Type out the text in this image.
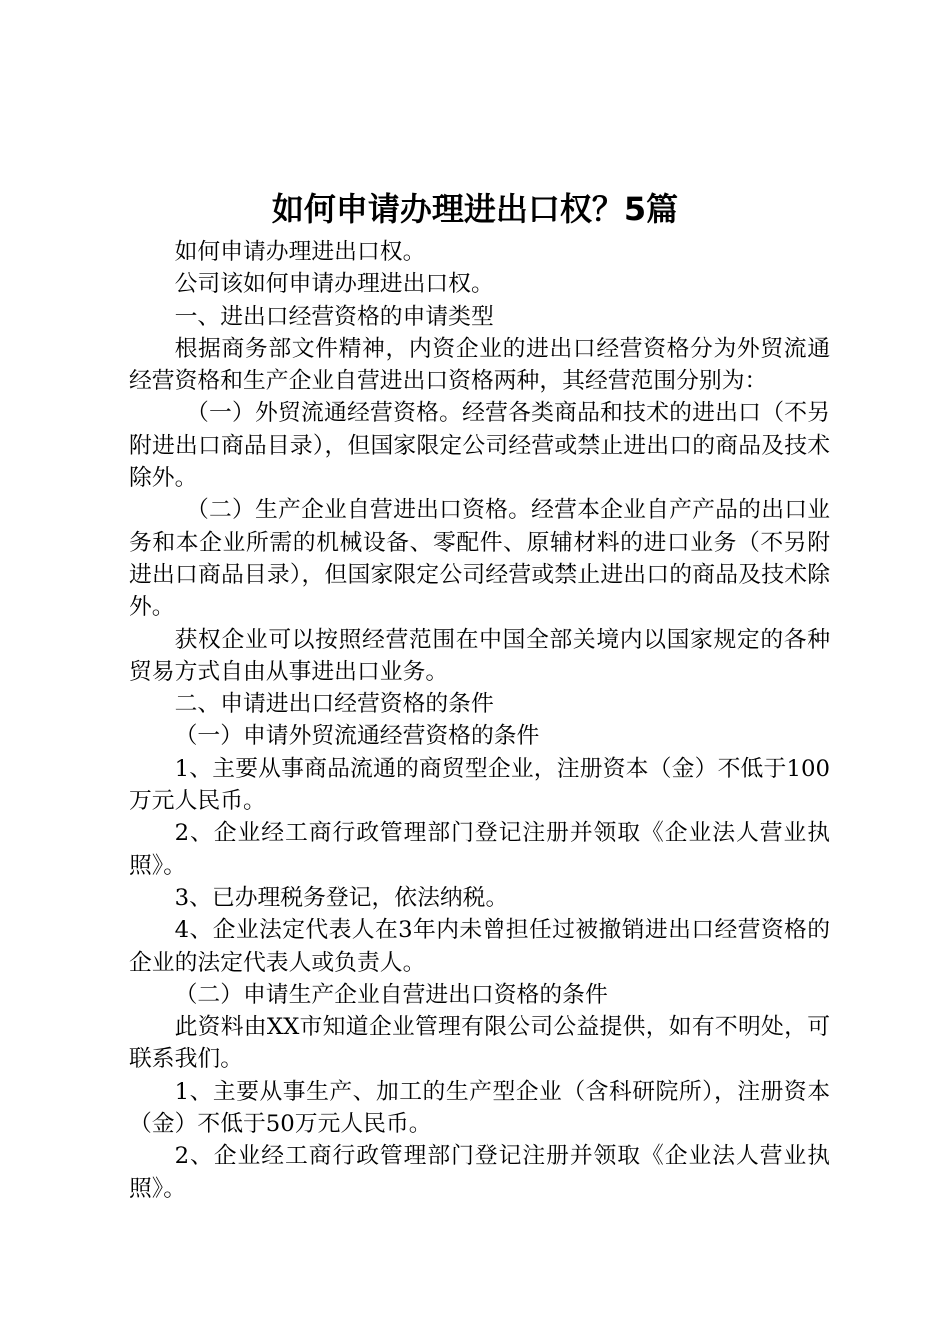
如何申请办理进出口权？5篇

如何申请办理进出口权。

公司该如何申请办理进出口权。

一、进出口经营资格的申请类型

根据商务部文件精神，内资企业的进出口经营资格分为外贸流通经营资格和生产企业自营进出口资格两种，其经营范围分别为：

（一）外贸流通经营资格。经营各类商品和技术的进出口（不另附进出口商品目录），但国家限定公司经营或禁止进出口的商品及技术除外。

（二）生产企业自营进出口资格。经营本企业自产产品的出口业务和本企业所需的机械设备、零配件、原辅材料的进口业务（不另附进出口商品目录），但国家限定公司经营或禁止进出口的商品及技术除外。

获权企业可以按照经营范围在中国全部关境内以国家规定的各种贸易方式自由从事进出口业务。

二、申请进出口经营资格的条件

（一）申请外贸流通经营资格的条件

1、主要从事商品流通的商贸型企业，注册资本（金）不低于100万元人民币。

2、企业经工商行政管理部门登记注册并领取《企业法人营业执照》。

3、已办理税务登记，依法纳税。

4、企业法定代表人在3年内未曾担任过被撤销进出口经营资格的企业的法定代表人或负责人。

（二）申请生产企业自营进出口资格的条件

此资料由XX市知道企业管理有限公司公益提供，如有不明处，可联系我们。

1、主要从事生产、加工的生产型企业（含科研院所），注册资本（金）不低于50万元人民币。

2、企业经工商行政管理部门登记注册并领取《企业法人营业执照》。
